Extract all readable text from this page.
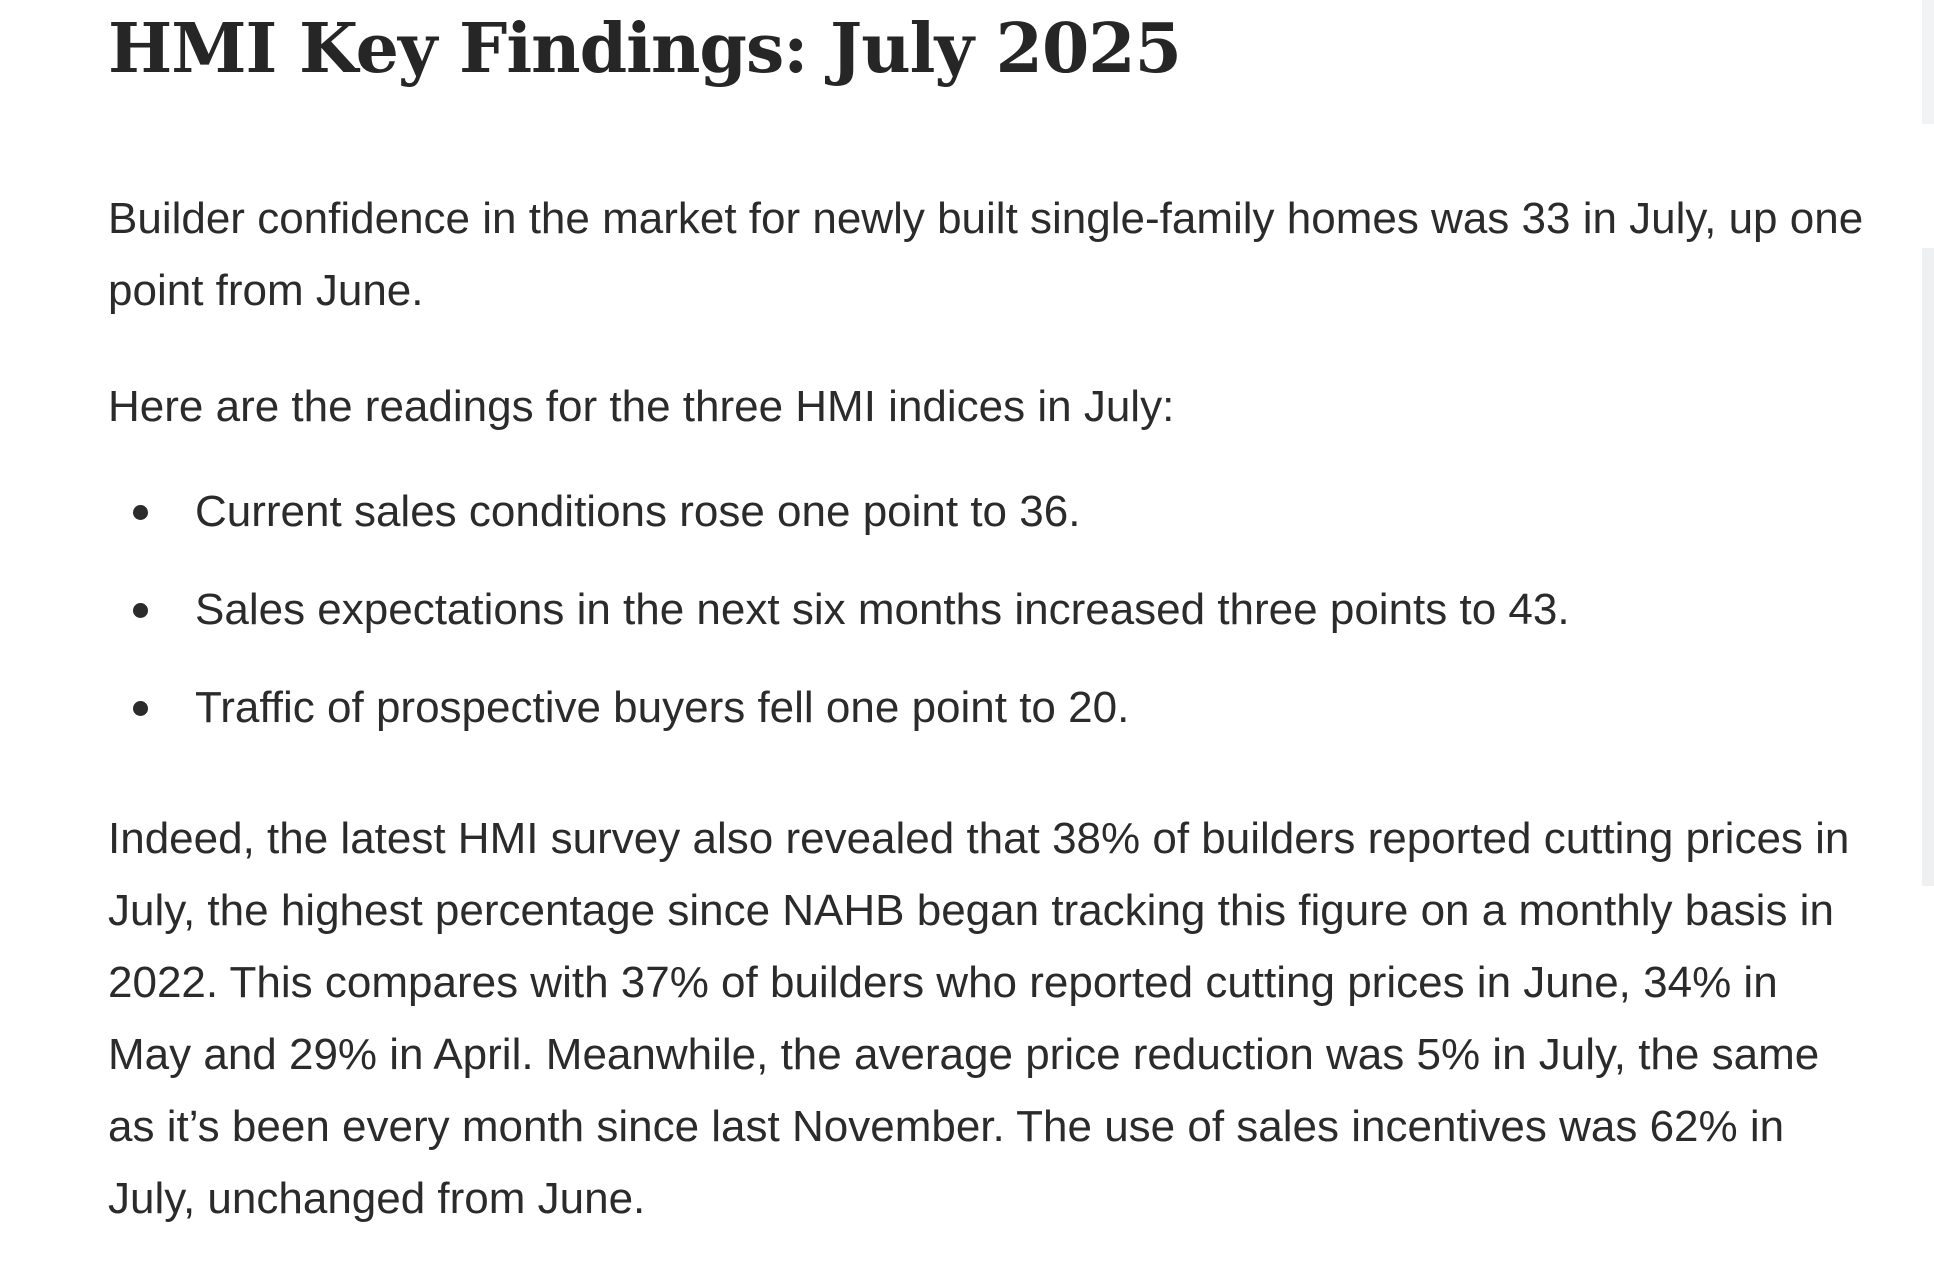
HMI Key Findings: July 2025

Builder confidence in the market for newly built single-family homes was 33 in July, up one point from June.

Here are the readings for the three HMI indices in July:

Current sales conditions rose one point to 36.
Sales expectations in the next six months increased three points to 43.
Traffic of prospective buyers fell one point to 20.

Indeed, the latest HMI survey also revealed that 38% of builders reported cutting prices in July, the highest percentage since NAHB began tracking this figure on a monthly basis in 2022. This compares with 37% of builders who reported cutting prices in June, 34% in May and 29% in April. Meanwhile, the average price reduction was 5% in July, the same as it’s been every month since last November. The use of sales incentives was 62% in July, unchanged from June.
